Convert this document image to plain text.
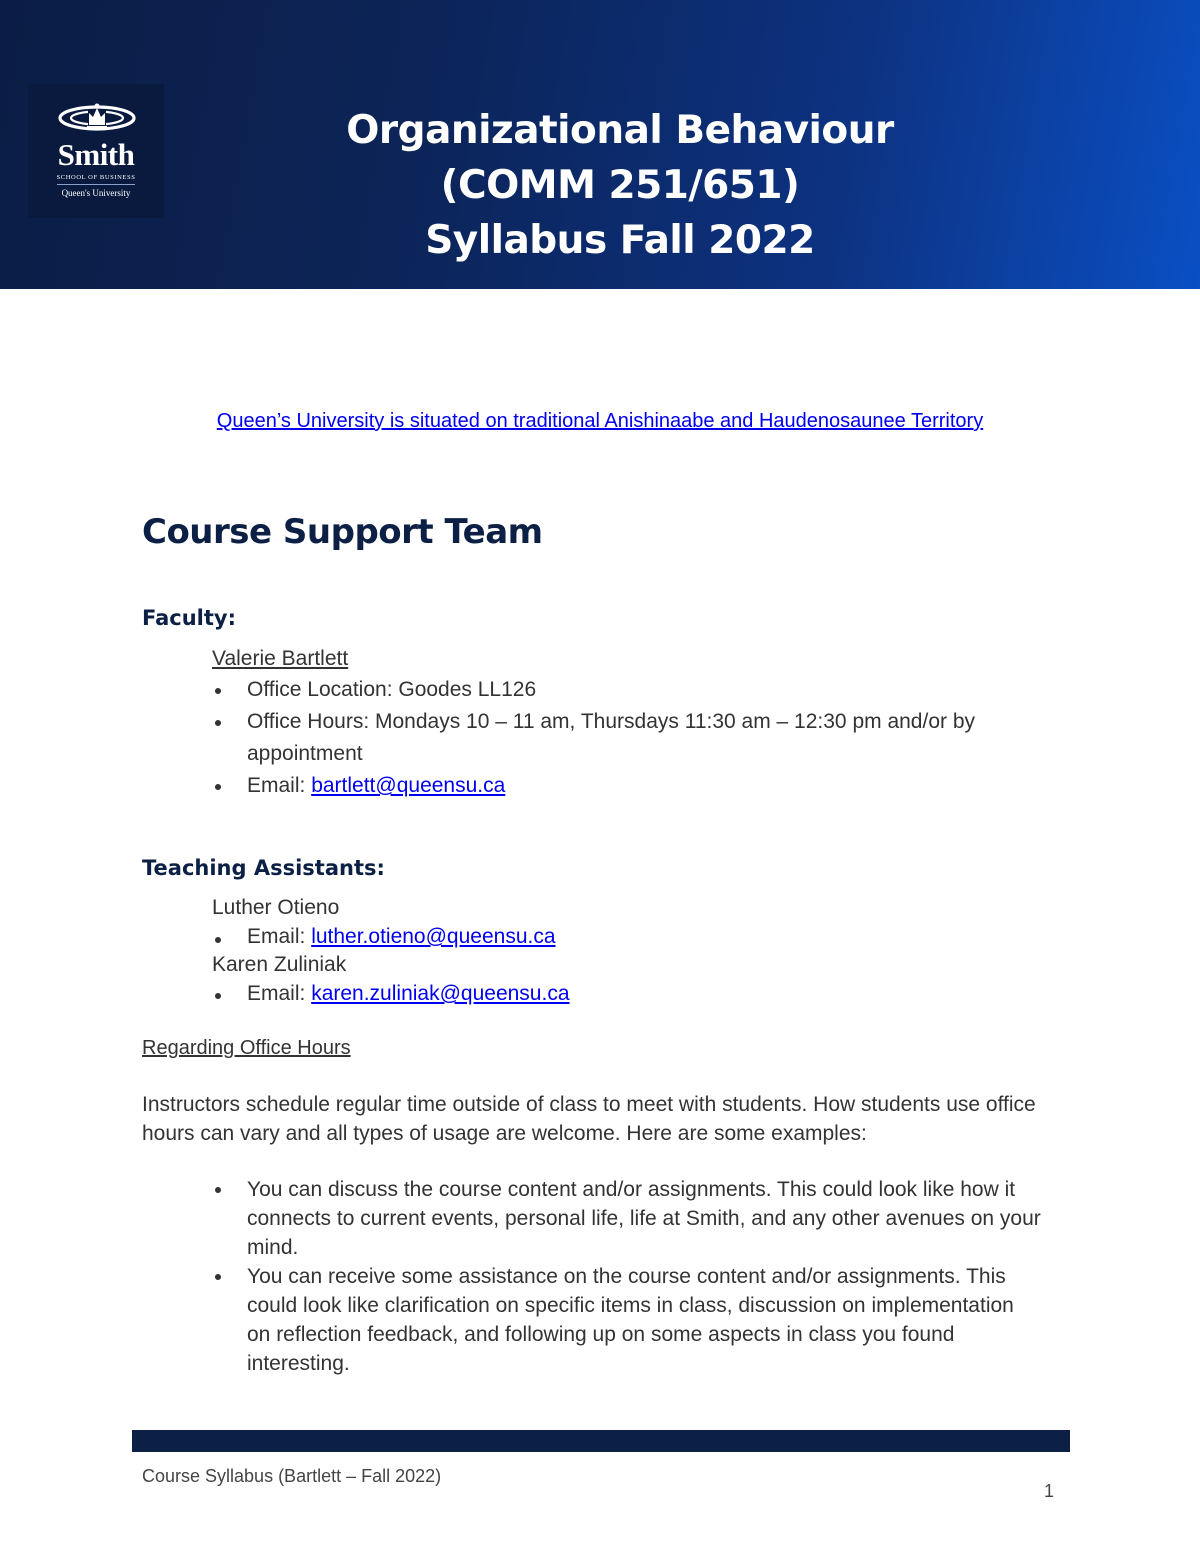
Smith
SCHOOL OF BUSINESS
Queen's University
Organizational Behaviour
(COMM 251/651)
Syllabus Fall 2022
Queen’s University is situated on traditional Anishinaabe and Haudenosaunee Territory
Course Support Team
Faculty:
Valerie Bartlett
Office Location: Goodes LL126
Office Hours: Mondays 10 – 11 am, Thursdays 11:30 am – 12:30 pm and/or by appointment
Email: bartlett@queensu.ca
Teaching Assistants:
Luther Otieno
Email: luther.otieno@queensu.ca
Karen Zuliniak
Email: karen.zuliniak@queensu.ca
Regarding Office Hours
Instructors schedule regular time outside of class to meet with students. How students use office hours can vary and all types of usage are welcome. Here are some examples:
You can discuss the course content and/or assignments. This could look like how it connects to current events, personal life, life at Smith, and any other avenues on your mind.
You can receive some assistance on the course content and/or assignments. This could look like clarification on specific items in class, discussion on implementation on reflection feedback, and following up on some aspects in class you found interesting.
Course Syllabus (Bartlett – Fall 2022)
1
